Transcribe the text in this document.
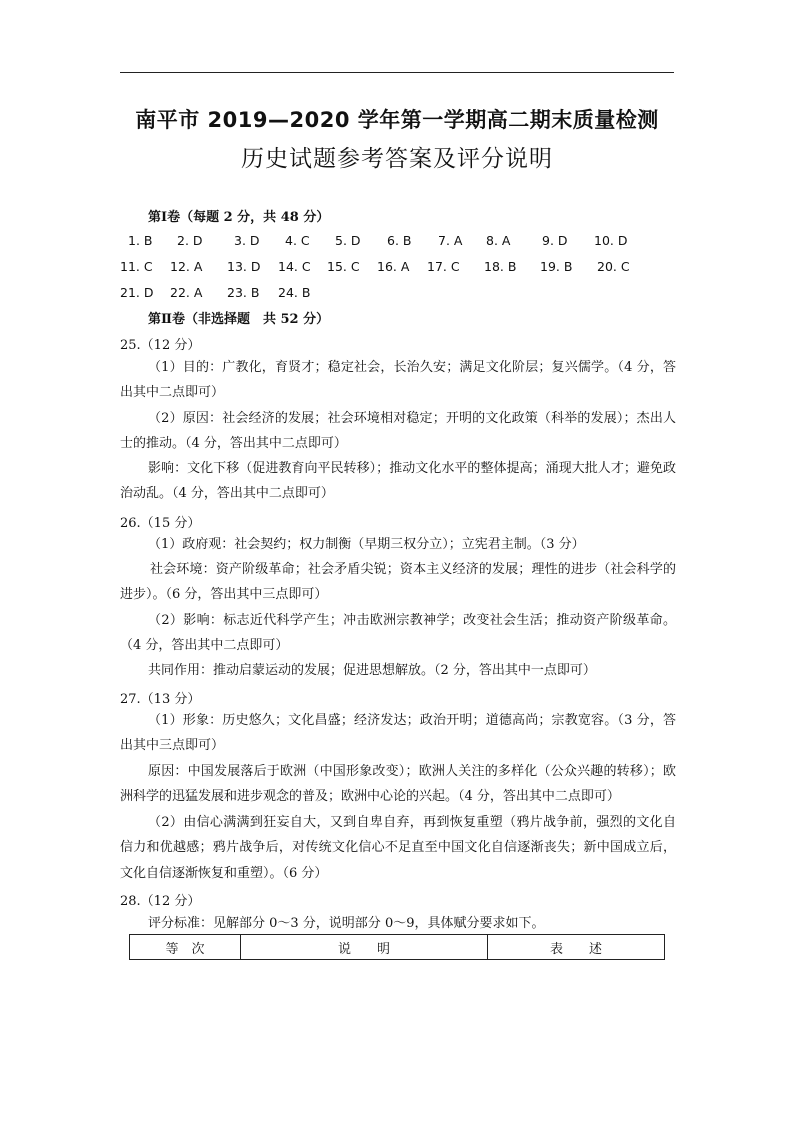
南平市 2019—2020 学年第一学期高二期末质量检测
历史试题参考答案及评分说明
第Ⅰ卷（每题 2 分，共 48 分）
1. B 2. D	3. D 4. C 5. D 6. B 7. A 8. A	9. D 10. D
11. C 12. A 13. D 14. C 15. C 16. A 17. C 18. B 19. B 20. C
21. D 22. A 23. B 24. B
第Ⅱ卷（非选择题　共 52 分）
25.（12 分）
（1）目的：广教化，育贤才；稳定社会，长治久安；满足文化阶层；复兴儒学。（4 分，答出其中二点即可）
（2）原因：社会经济的发展；社会环境相对稳定；开明的文化政策（科举的发展）；杰出人士的推动。（4 分，答出其中二点即可）
影响：文化下移（促进教育向平民转移）；推动文化水平的整体提高；涌现大批人才；避免政治动乱。（4 分，答出其中二点即可）
26.（15 分）
（1）政府观：社会契约；权力制衡（早期三权分立）；立宪君主制。（3 分）
社会环境：资产阶级革命；社会矛盾尖锐；资本主义经济的发展；理性的进步（社会科学的进步）。（6 分，答出其中三点即可）
（2）影响：标志近代科学产生；冲击欧洲宗教神学；改变社会生活；推动资产阶级革命。（4 分，答出其中二点即可）
共同作用：推动启蒙运动的发展；促进思想解放。（2 分，答出其中一点即可）
27.（13 分）
（1）形象：历史悠久；文化昌盛；经济发达；政治开明；道德高尚；宗教宽容。（3 分，答出其中三点即可）
原因：中国发展落后于欧洲（中国形象改变）；欧洲人关注的多样化（公众兴趣的转移）；欧洲科学的迅猛发展和进步观念的普及；欧洲中心论的兴起。（4 分，答出其中二点即可）
（2）由信心满满到狂妄自大，又到自卑自弃，再到恢复重塑（鸦片战争前，强烈的文化自信力和优越感；鸦片战争后，对传统文化信心不足直至中国文化自信逐渐丧失；新中国成立后，文化自信逐渐恢复和重塑）。（6 分）
28.（12 分）
评分标准：见解部分 0～3 分，说明部分 0～9，具体赋分要求如下。
等　次	说　　明	表　　述
